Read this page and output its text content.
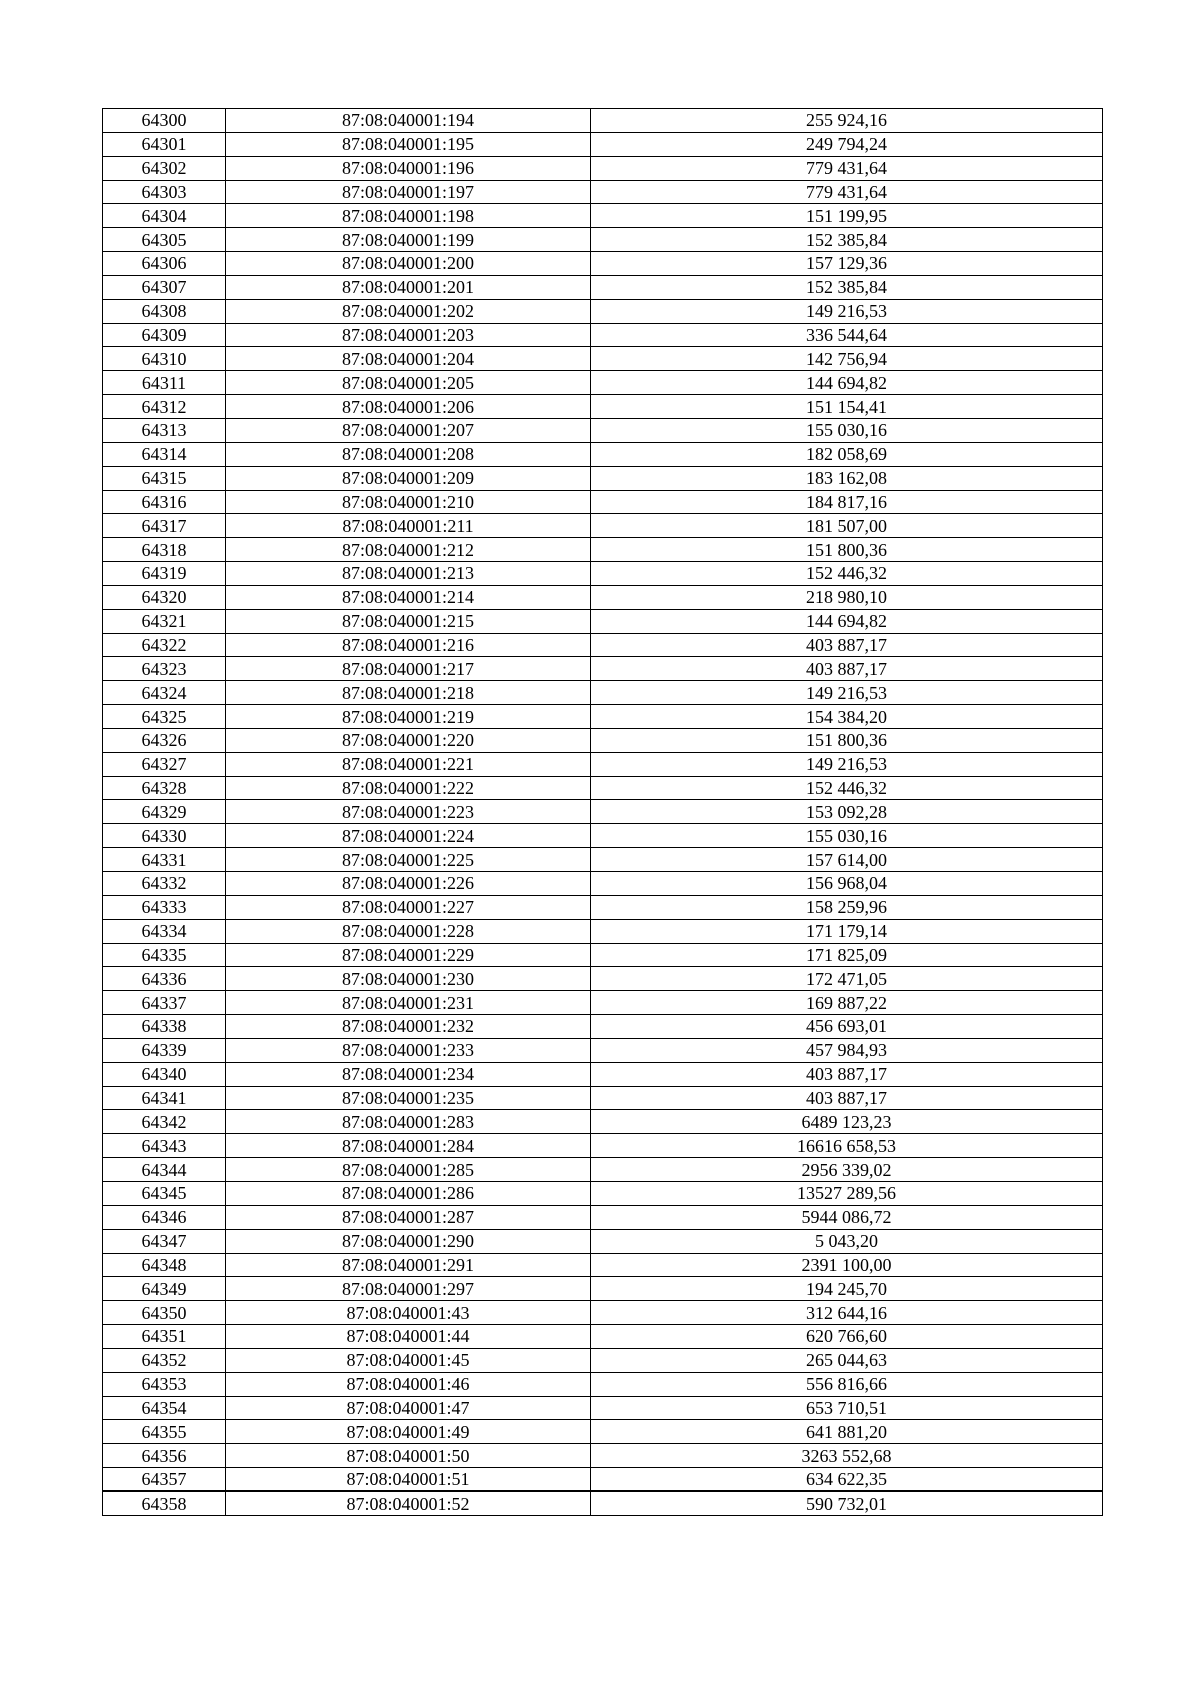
64300	87:08:040001:194	255 924,16
64301	87:08:040001:195	249 794,24
64302	87:08:040001:196	779 431,64
64303	87:08:040001:197	779 431,64
64304	87:08:040001:198	151 199,95
64305	87:08:040001:199	152 385,84
64306	87:08:040001:200	157 129,36
64307	87:08:040001:201	152 385,84
64308	87:08:040001:202	149 216,53
64309	87:08:040001:203	336 544,64
64310	87:08:040001:204	142 756,94
64311	87:08:040001:205	144 694,82
64312	87:08:040001:206	151 154,41
64313	87:08:040001:207	155 030,16
64314	87:08:040001:208	182 058,69
64315	87:08:040001:209	183 162,08
64316	87:08:040001:210	184 817,16
64317	87:08:040001:211	181 507,00
64318	87:08:040001:212	151 800,36
64319	87:08:040001:213	152 446,32
64320	87:08:040001:214	218 980,10
64321	87:08:040001:215	144 694,82
64322	87:08:040001:216	403 887,17
64323	87:08:040001:217	403 887,17
64324	87:08:040001:218	149 216,53
64325	87:08:040001:219	154 384,20
64326	87:08:040001:220	151 800,36
64327	87:08:040001:221	149 216,53
64328	87:08:040001:222	152 446,32
64329	87:08:040001:223	153 092,28
64330	87:08:040001:224	155 030,16
64331	87:08:040001:225	157 614,00
64332	87:08:040001:226	156 968,04
64333	87:08:040001:227	158 259,96
64334	87:08:040001:228	171 179,14
64335	87:08:040001:229	171 825,09
64336	87:08:040001:230	172 471,05
64337	87:08:040001:231	169 887,22
64338	87:08:040001:232	456 693,01
64339	87:08:040001:233	457 984,93
64340	87:08:040001:234	403 887,17
64341	87:08:040001:235	403 887,17
64342	87:08:040001:283	6489 123,23
64343	87:08:040001:284	16616 658,53
64344	87:08:040001:285	2956 339,02
64345	87:08:040001:286	13527 289,56
64346	87:08:040001:287	5944 086,72
64347	87:08:040001:290	5 043,20
64348	87:08:040001:291	2391 100,00
64349	87:08:040001:297	194 245,70
64350	87:08:040001:43	312 644,16
64351	87:08:040001:44	620 766,60
64352	87:08:040001:45	265 044,63
64353	87:08:040001:46	556 816,66
64354	87:08:040001:47	653 710,51
64355	87:08:040001:49	641 881,20
64356	87:08:040001:50	3263 552,68
64357	87:08:040001:51	634 622,35
64358	87:08:040001:52	590 732,01
